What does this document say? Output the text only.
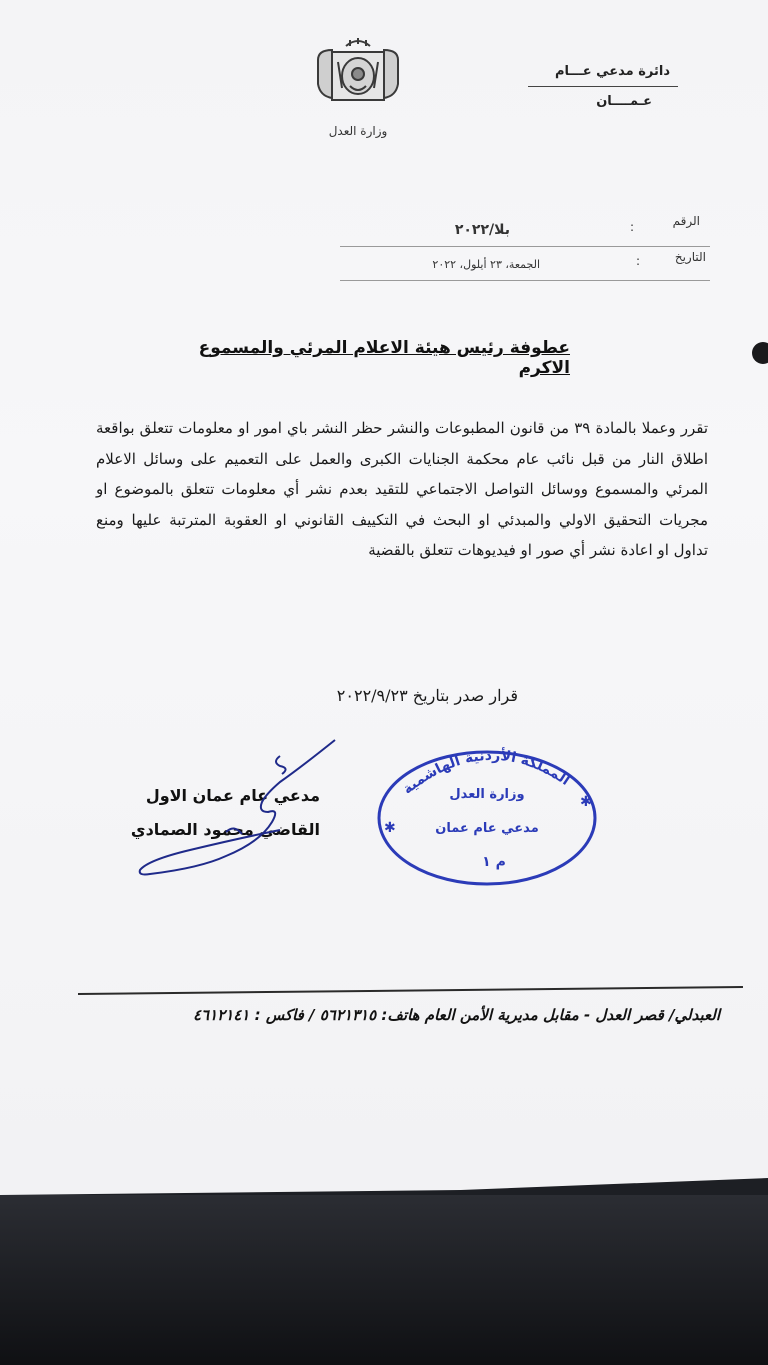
وزارة العدل
دائرة مدعي عـــام
عـمــــان
الرقم
:
بلا/٢٠٢٢
التاريخ
:
الجمعة، ٢٣ أيلول، ٢٠٢٢
عطوفة رئيس هيئة الاعلام المرئي والمسموع الاكرم
تقرر وعملا بالمادة ٣٩ من قانون المطبوعات والنشر حظر النشر باي امور او معلومات تتعلق بواقعة اطلاق النار من قبل نائب عام محكمة الجنايات الكبرى والعمل على التعميم على وسائل الاعلام المرئي والمسموع ووسائل التواصل الاجتماعي للتقيد بعدم نشر أي معلومات تتعلق بالموضوع او مجريات التحقيق الاولي والمبدئي او البحث في التكييف القانوني او العقوبة المترتبة عليها ومنع تداول او اعادة نشر أي صور او فيديوهات تتعلق بالقضية
قرار صدر بتاريخ ٢٠٢٢/٩/٢٣
مدعي عام عمان الاول
القاضي محمود الصمادي
المملكة الأردنية الهاشمية
وزارة العدل
مدعي عام عمان
م ١
✱
✱
العبدلي/ قصر العدل - مقابل مديرية الأمن العام هاتف: ٥٦٢١٣١٥ / فاكس : ٤٦١٢١٤١
